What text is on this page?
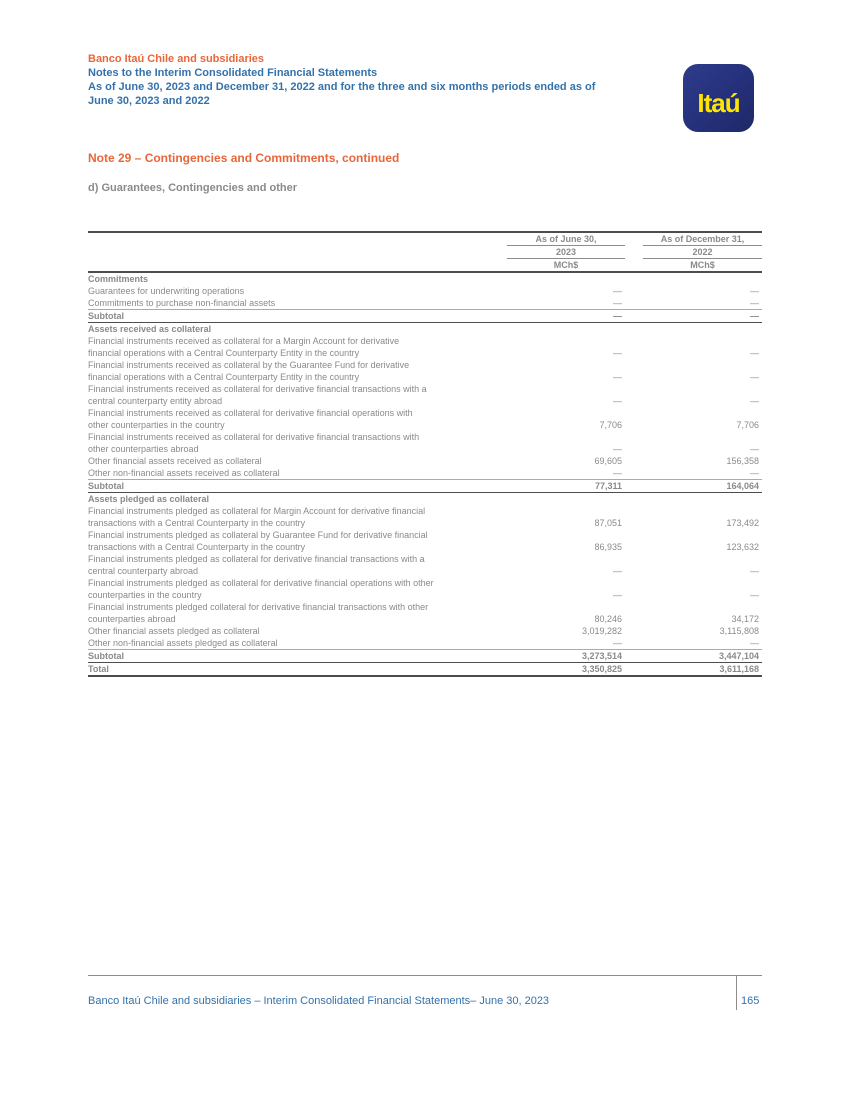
Banco Itaú Chile and subsidiaries
Notes to the Interim Consolidated Financial Statements
As of June 30, 2023 and December 31, 2022 and for the three and six months periods ended as of
June 30, 2023 and 2022	Itaú
Note 29 – Contingencies and Commitments, continued
d) Guarantees, Contingencies and other
	As of June 30,		As of December 31,
	2023		2022
	MCh$		MCh$
Commitments			
Guarantees for underwriting operations	—		—
Commitments to purchase non-financial assets	—		—
Subtotal	—		—
Assets received as collateral			
Financial instruments received as collateral for a Margin Account for derivative
financial operations with a Central Counterparty Entity in the country	—		—
Financial instruments received as collateral by the Guarantee Fund for derivative
financial operations with a Central Counterparty Entity in the country	—		—
Financial instruments received as collateral for derivative financial transactions with a
central counterparty entity abroad	—		—
Financial instruments received as collateral for derivative financial operations with
other counterparties in the country	7,706		7,706
Financial instruments received as collateral for derivative financial transactions with
other counterparties abroad	—		—
Other financial assets received as collateral	69,605		156,358
Other non-financial assets received as collateral	—		—
Subtotal	77,311		164,064
Assets pledged as collateral			
Financial instruments pledged as collateral for Margin Account for derivative financial
transactions with a Central Counterparty in the country	87,051		173,492
Financial instruments pledged as collateral by Guarantee Fund for derivative financial
transactions with a Central Counterparty in the country	86,935		123,632
Financial instruments pledged as collateral for derivative financial transactions with a
central counterparty abroad	—		—
Financial instruments pledged as collateral for derivative financial operations with other
counterparties in the country	—		—
Financial instruments pledged collateral for derivative financial transactions with other
counterparties abroad	80,246		34,172
Other financial assets pledged as collateral	3,019,282		3,115,808
Other non-financial assets pledged as collateral	—		—
Subtotal	3,273,514		3,447,104
Total	3,350,825		3,611,168
Banco Itaú Chile and subsidiaries – Interim Consolidated Financial Statements– June 30, 2023	165
